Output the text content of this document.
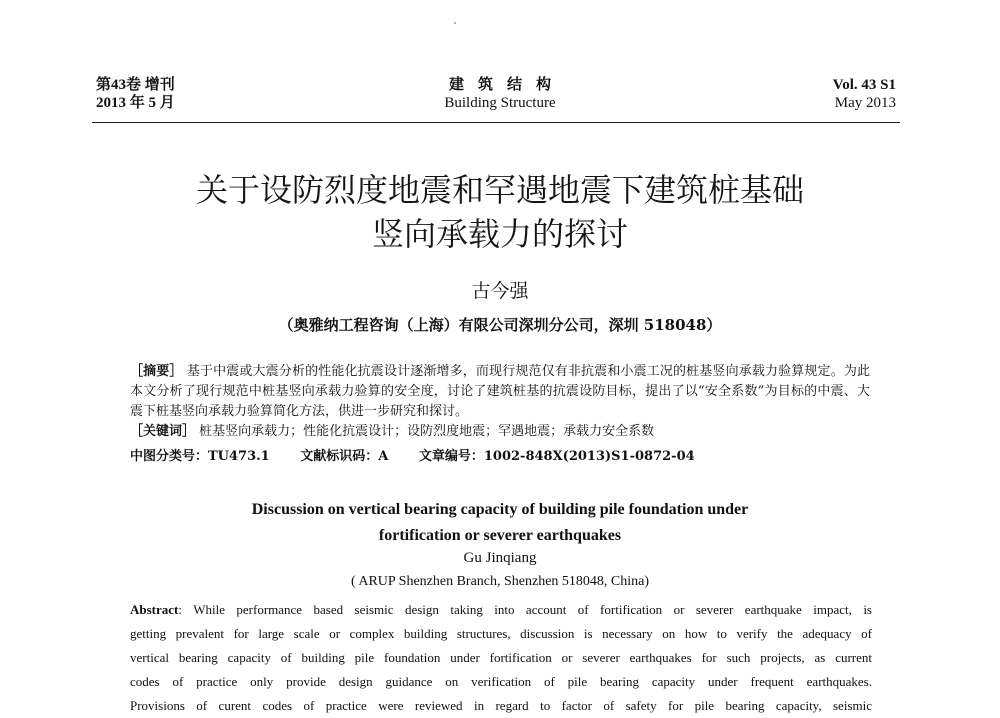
第43卷 增刊
2013 年 5 月
建筑结构
Building Structure
Vol. 43 S1
May 2013
关于设防烈度地震和罕遇地震下建筑桩基础
竖向承载力的探讨
古今强
（奥雅纳工程咨询（上海）有限公司深圳分公司，深圳 518048）
［摘要］ 基于中震或大震分析的性能化抗震设计逐渐增多，而现行规范仅有非抗震和小震工况的桩基竖向承载力验算规定。为此本文分析了现行规范中桩基竖向承载力验算的安全度，讨论了建筑桩基的抗震设防目标，提出了以“安全系数”为目标的中震、大震下桩基竖向承载力验算简化方法，供进一步研究和探讨。
［关键词］ 桩基竖向承载力；性能化抗震设计；设防烈度地震；罕遇地震；承载力安全系数
中图分类号：TU473.1 文献标识码：A 文章编号：1002-848X(2013)S1-0872-04
Discussion on vertical bearing capacity of building pile foundation under
fortification or severer earthquakes
Gu Jinqiang
( ARUP Shenzhen Branch, Shenzhen 518048, China)
Abstract: While performance based seismic design taking into account of fortification or severer earthquake impact, is
getting prevalent for large scale or complex building structures, discussion is necessary on how to verify the adequacy of
vertical bearing capacity of building pile foundation under fortification or severer earthquakes for such projects, as current
codes of practice only provide design guidance on verification of pile bearing capacity under frequent earthquakes.
Provisions of curent codes of practice were reviewed in regard to factor of safety for pile bearing capacity, seismic
